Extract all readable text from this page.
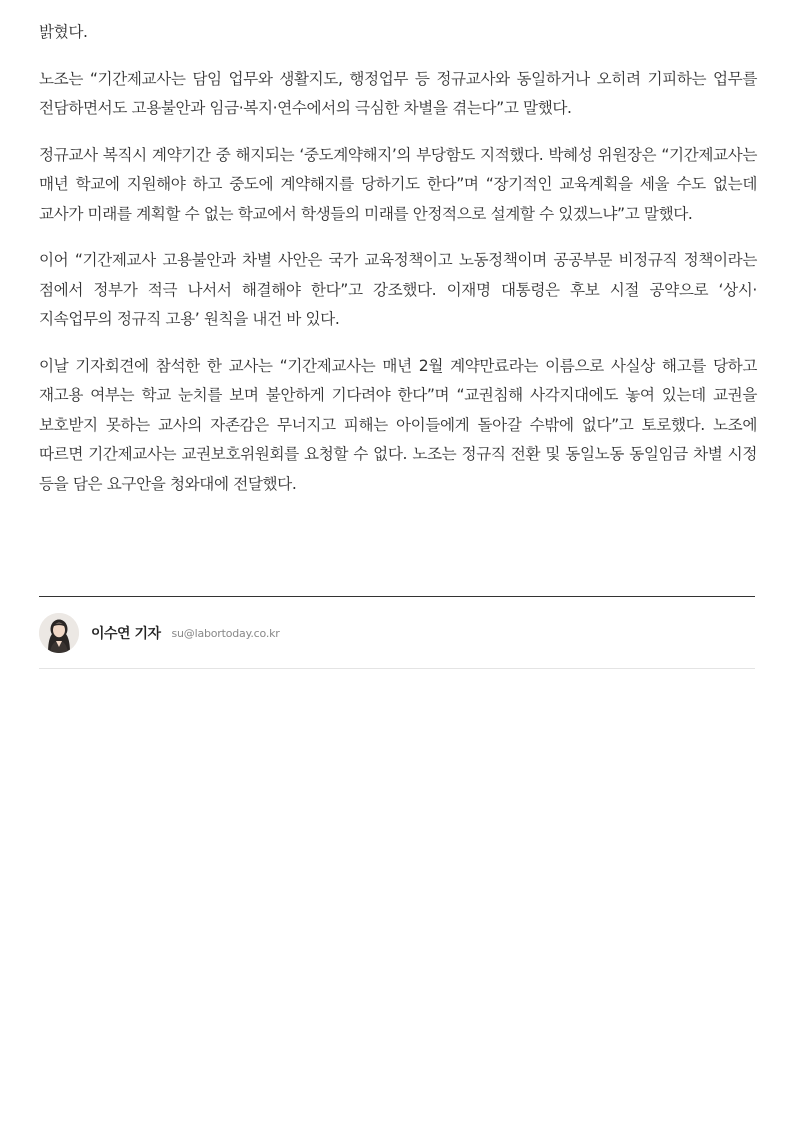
밝혔다.

노조는 “기간제교사는 담임 업무와 생활지도, 행정업무 등 정규교사와 동일하거나 오히려 기피하는 업무를 전담하면서도 고용불안과 임금·복지·연수에서의 극심한 차별을 겪는다”고 말했다.

정규교사 복직시 계약기간 중 해지되는 ‘중도계약해지’의 부당함도 지적했다. 박혜성 위원장은 “기간제교사는 매년 학교에 지원해야 하고 중도에 계약해지를 당하기도 한다”며 “장기적인 교육계획을 세울 수도 없는데 교사가 미래를 계획할 수 없는 학교에서 학생들의 미래를 안정적으로 설계할 수 있겠느냐”고 말했다.

이어 “기간제교사 고용불안과 차별 사안은 국가 교육정책이고 노동정책이며 공공부문 비정규직 정책이라는 점에서 정부가 적극 나서서 해결해야 한다”고 강조했다. 이재명 대통령은 후보 시절 공약으로 ‘상시·지속업무의 정규직 고용’ 원칙을 내건 바 있다.

이날 기자회견에 참석한 한 교사는 “기간제교사는 매년 2월 계약만료라는 이름으로 사실상 해고를 당하고 재고용 여부는 학교 눈치를 보며 불안하게 기다려야 한다”며 “교권침해 사각지대에도 놓여 있는데 교권을 보호받지 못하는 교사의 자존감은 무너지고 피해는 아이들에게 돌아갈 수밖에 없다”고 토로했다. 노조에 따르면 기간제교사는 교권보호위원회를 요청할 수 없다. 노조는 정규직 전환 및 동일노동 동일임금 차별 시정 등을 담은 요구안을 청와대에 전달했다.

이수연 기자 su@labortoday.co.kr
